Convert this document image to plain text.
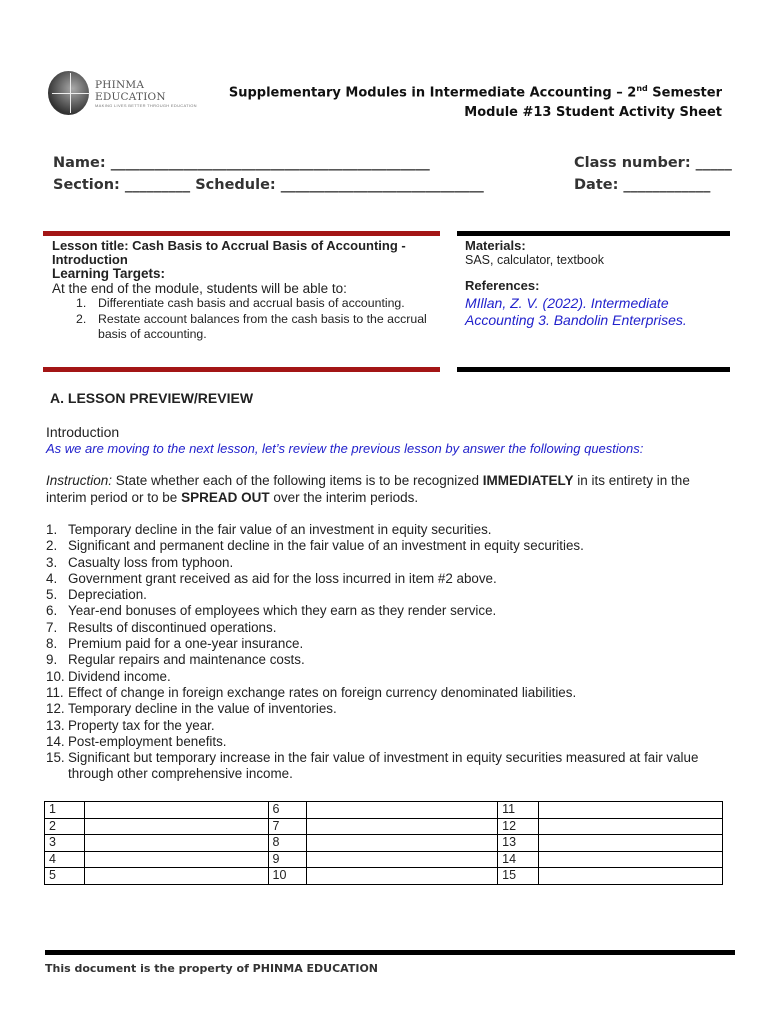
PHINMA EDUCATION
MAKING LIVES BETTER THROUGH EDUCATION
Supplementary Modules in Intermediate Accounting – 2nd Semester
Module #13 Student Activity Sheet
Name: ____________________________________________	Class number: _____
Section: _________ Schedule: ____________________________	Date: ____________
Lesson title: Cash Basis to Accrual Basis of Accounting -
Introduction
Learning Targets:
At the end of the module, students will be able to:
1. Differentiate cash basis and accrual basis of accounting.
2. Restate account balances from the cash basis to the accrual basis of accounting.
Materials:
SAS, calculator, textbook
References:
MIllan, Z. V. (2022). Intermediate Accounting 3. Bandolin Enterprises.
A. LESSON PREVIEW/REVIEW
Introduction
As we are moving to the next lesson, let’s review the previous lesson by answer the following questions:
Instruction: State whether each of the following items is to be recognized IMMEDIATELY in its entirety in the interim period or to be SPREAD OUT over the interim periods.
1. Temporary decline in the fair value of an investment in equity securities.
2. Significant and permanent decline in the fair value of an investment in equity securities.
3. Casualty loss from typhoon.
4. Government grant received as aid for the loss incurred in item #2 above.
5. Depreciation.
6. Year-end bonuses of employees which they earn as they render service.
7. Results of discontinued operations.
8. Premium paid for a one-year insurance.
9. Regular repairs and maintenance costs.
10. Dividend income.
11. Effect of change in foreign exchange rates on foreign currency denominated liabilities.
12. Temporary decline in the value of inventories.
13. Property tax for the year.
14. Post-employment benefits.
15. Significant but temporary increase in the fair value of investment in equity securities measured at fair value through other comprehensive income.
1		6		11	
2		7		12	
3		8		13	
4		9		14	
5		10		15	
This document is the property of PHINMA EDUCATION
